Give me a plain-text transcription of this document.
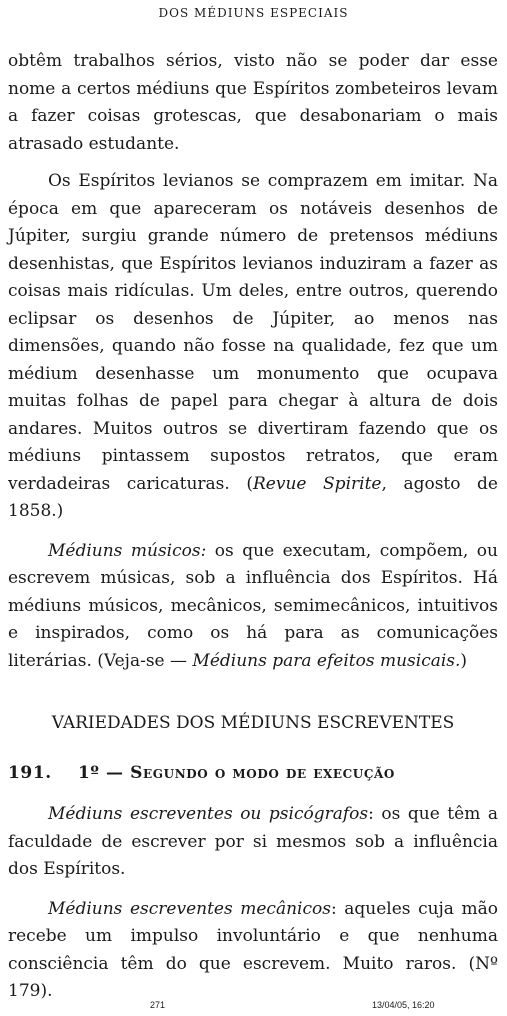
DOS MÉDIUNS ESPECIAIS

obtêm trabalhos sérios, visto não se poder dar esse nome a certos médiuns que Espíritos zombeteiros levam a fazer coisas grotescas, que desabonariam o mais atrasado estudante.

Os Espíritos levianos se comprazem em imitar. Na época em que apareceram os notáveis desenhos de Júpiter, surgiu grande número de pretensos médiuns desenhistas, que Espíritos levianos induziram a fazer as coisas mais ridículas. Um deles, entre outros, querendo eclipsar os desenhos de Júpiter, ao menos nas dimensões, quando não fosse na qualidade, fez que um médium desenhasse um monumento que ocupava muitas folhas de papel para chegar à altura de dois andares. Muitos outros se divertiram fazendo que os médiuns pintassem supostos retratos, que eram verdadeiras caricaturas. (Revue Spirite, agosto de 1858.)

Médiuns músicos: os que executam, compõem, ou escrevem músicas, sob a influência dos Espíritos. Há médiuns músicos, mecânicos, semimecânicos, intuitivos e inspirados, como os há para as comunicações literárias. (Veja-se — Médiuns para efeitos musicais.)

VARIEDADES DOS MÉDIUNS ESCREVENTES
191. 1º — Segundo o modo de execução

Médiuns escreventes ou psicógrafos: os que têm a faculdade de escrever por si mesmos sob a influência dos Espíritos.

Médiuns escreventes mecânicos: aqueles cuja mão recebe um impulso involuntário e que nenhuma consciência têm do que escrevem. Muito raros. (Nº 179).

271	13/04/05, 16:20
